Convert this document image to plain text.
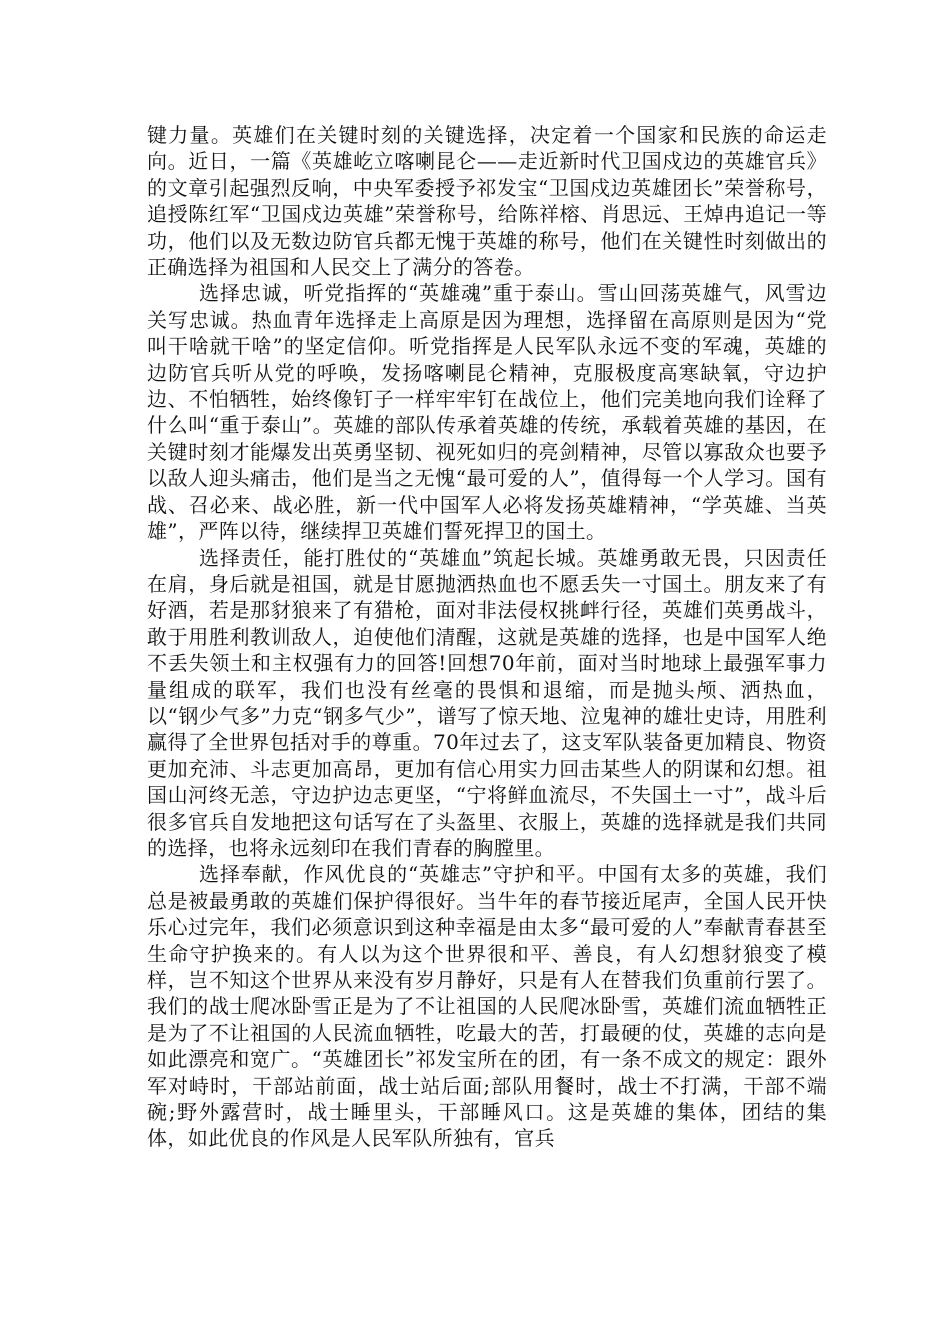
键力量。英雄们在关键时刻的关键选择，决定着一个国家和民族的命运走向。近日，一篇《英雄屹立喀喇昆仑——走近新时代卫国戍边的英雄官兵》的文章引起强烈反响，中央军委授予祁发宝“卫国戍边英雄团长”荣誉称号，追授陈红军“卫国戍边英雄”荣誉称号，给陈祥榕、肖思远、王焯冉追记一等功，他们以及无数边防官兵都无愧于英雄的称号，他们在关键性时刻做出的正确选择为祖国和人民交上了满分的答卷。

选择忠诚，听党指挥的“英雄魂”重于泰山。雪山回荡英雄气，风雪边关写忠诚。热血青年选择走上高原是因为理想，选择留在高原则是因为“党叫干啥就干啥”的坚定信仰。听党指挥是人民军队永远不变的军魂，英雄的边防官兵听从党的呼唤，发扬喀喇昆仑精神，克服极度高寒缺氧，守边护边、不怕牺牲，始终像钉子一样牢牢钉在战位上，他们完美地向我们诠释了什么叫“重于泰山”。英雄的部队传承着英雄的传统，承载着英雄的基因，在关键时刻才能爆发出英勇坚韧、视死如归的亮剑精神，尽管以寡敌众也要予以敌人迎头痛击，他们是当之无愧“最可爱的人”，值得每一个人学习。国有战、召必来、战必胜，新一代中国军人必将发扬英雄精神，“学英雄、当英雄”，严阵以待，继续捍卫英雄们誓死捍卫的国土。

选择责任，能打胜仗的“英雄血”筑起长城。英雄勇敢无畏，只因责任在肩，身后就是祖国，就是甘愿抛洒热血也不愿丢失一寸国土。朋友来了有好酒，若是那豺狼来了有猎枪，面对非法侵权挑衅行径，英雄们英勇战斗，敢于用胜利教训敌人，迫使他们清醒，这就是英雄的选择，也是中国军人绝不丢失领土和主权强有力的回答!回想70年前，面对当时地球上最强军事力量组成的联军，我们也没有丝毫的畏惧和退缩，而是抛头颅、洒热血，以“钢少气多”力克“钢多气少”，谱写了惊天地、泣鬼神的雄壮史诗，用胜利赢得了全世界包括对手的尊重。70年过去了，这支军队装备更加精良、物资更加充沛、斗志更加高昂，更加有信心用实力回击某些人的阴谋和幻想。祖国山河终无恙，守边护边志更坚，“宁将鲜血流尽，不失国土一寸”，战斗后很多官兵自发地把这句话写在了头盔里、衣服上，英雄的选择就是我们共同的选择，也将永远刻印在我们青春的胸膛里。

选择奉献，作风优良的“英雄志”守护和平。中国有太多的英雄，我们总是被最勇敢的英雄们保护得很好。当牛年的春节接近尾声，全国人民开快乐心过完年，我们必须意识到这种幸福是由太多“最可爱的人”奉献青春甚至生命守护换来的。有人以为这个世界很和平、善良，有人幻想豺狼变了模样，岂不知这个世界从来没有岁月静好，只是有人在替我们负重前行罢了。我们的战士爬冰卧雪正是为了不让祖国的人民爬冰卧雪，英雄们流血牺牲正是为了不让祖国的人民流血牺牲，吃最大的苦，打最硬的仗，英雄的志向是如此漂亮和宽广。“英雄团长”祁发宝所在的团，有一条不成文的规定：跟外军对峙时，干部站前面，战士站后面;部队用餐时，战士不打满，干部不端碗;野外露营时，战士睡里头，干部睡风口。这是英雄的集体，团结的集体，如此优良的作风是人民军队所独有，官兵
